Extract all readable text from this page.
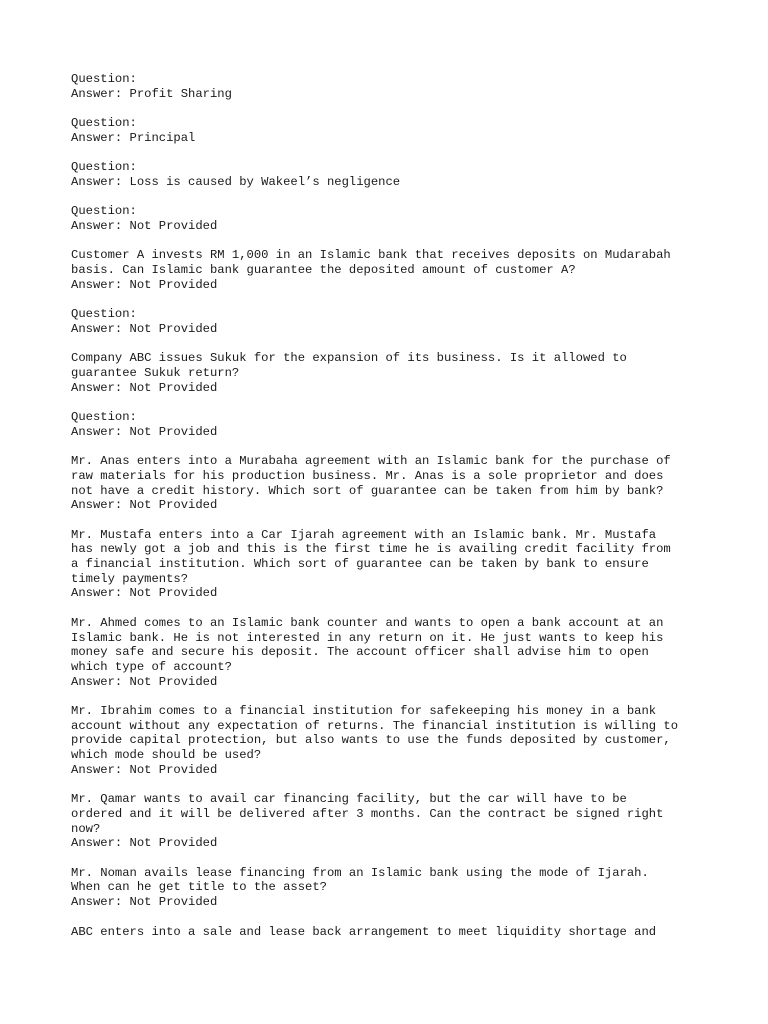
Question:
Answer: Profit Sharing
Question:
Answer: Principal
Question:
Answer: Loss is caused by Wakeel’s negligence
Question:
Answer: Not Provided
Customer A invests RM 1,000 in an Islamic bank that receives deposits on Mudarabah
basis. Can Islamic bank guarantee the deposited amount of customer A?
Answer: Not Provided
Question:
Answer: Not Provided
Company ABC issues Sukuk for the expansion of its business. Is it allowed to
guarantee Sukuk return?
Answer: Not Provided
Question:
Answer: Not Provided
Mr. Anas enters into a Murabaha agreement with an Islamic bank for the purchase of
raw materials for his production business. Mr. Anas is a sole proprietor and does
not have a credit history. Which sort of guarantee can be taken from him by bank?
Answer: Not Provided
Mr. Mustafa enters into a Car Ijarah agreement with an Islamic bank. Mr. Mustafa
has newly got a job and this is the first time he is availing credit facility from
a financial institution. Which sort of guarantee can be taken by bank to ensure
timely payments?
Answer: Not Provided
Mr. Ahmed comes to an Islamic bank counter and wants to open a bank account at an
Islamic bank. He is not interested in any return on it. He just wants to keep his
money safe and secure his deposit. The account officer shall advise him to open
which type of account?
Answer: Not Provided
Mr. Ibrahim comes to a financial institution for safekeeping his money in a bank
account without any expectation of returns. The financial institution is willing to
provide capital protection, but also wants to use the funds deposited by customer,
which mode should be used?
Answer: Not Provided
Mr. Qamar wants to avail car financing facility, but the car will have to be
ordered and it will be delivered after 3 months. Can the contract be signed right
now?
Answer: Not Provided
Mr. Noman avails lease financing from an Islamic bank using the mode of Ijarah.
When can he get title to the asset?
Answer: Not Provided
ABC enters into a sale and lease back arrangement to meet liquidity shortage and
